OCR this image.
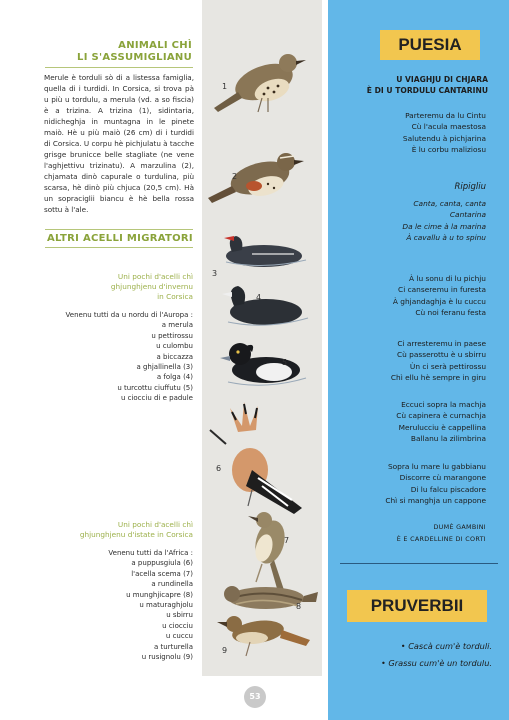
ANIMALI CHÌ
LI S'ASSUMIGLIANU
Merule è torduli sò di a listessa famiglia, quella di i turdidi. In Corsica, si trova pà u più u tordulu, a merula (vd. a so fiscia) è a trizina. A trizina (1), sidintaria, nidicheghja in muntagna in le pinete maiò. Hè u più maiò (26 cm) di i turdidi di Corsica. U corpu hè pichjulatu à tacche grisge brunicce belle stagliate (ne vene l'aghjettivu trizinatu). A marzulina (2), chjamata dinò capurale o turdulina, più scarsa, hè dinò più chjuca (20,5 cm). Hà un sopraciglii biancu è hè bella rossa sottu à l'ale.
ALTRI ACELLI MIGRATORI
Uni pochi d'acelli chì
ghjunghjenu d'invernu
in Corsica
Venenu tutti da u nordu di l'Auropa :
a merula
u pettirossu
u culombu
a biccazza
a ghjallinella (3)
a folga (4)
u turcottu ciuffutu (5)
u ciocciu di e padule
Uni pochi d'acelli chì
ghjunghjenu d'istate in Corsica
Venenu tutti da l'Africa :
a puppusgiula (6)
l'acella scema (7)
a rundinella
u munghjicapre (8)
u maturaghjolu
u sbirru
u ciocciu
u cuccu
a turturella
u rusignolu (9)
1
2
3
4
5
6
7
8
9
53
PUESIA
U VIAGHJU DI CHJARA
È DI U TORDULU CANTARINU
Parteremu da lu Cintu
Cù l'acula maestosa
Salutendu à pichjarina
È lu corbu maliziosu
Ripigliu
Canta, canta, canta
Cantarina
Da le cime à la marina
À cavallu à u to spinu
À lu sonu di lu pichju
Ci canseremu in furesta
À ghjandaghja è lu cuccu
Cù noi feranu festa
Ci arresteremu in paese
Cù passerottu è u sbirru
Ùn ci serà pettirossu
Chì ellu hè sempre in giru
Eccuci sopra la machja
Cù capinera è curnachja
Merulucciu è cappellina
Ballanu la zilimbrina
Sopra lu mare lu gabbianu
Discorre cù marangone
Di lu falcu piscadore
Chì si manghja un capponе
DUMÈ GAMBINI
È E CARDELLINE DI CORTI
PRUVERBII
• Cascà cum'è torduli.
• Grassu cum'è un tordulu.
